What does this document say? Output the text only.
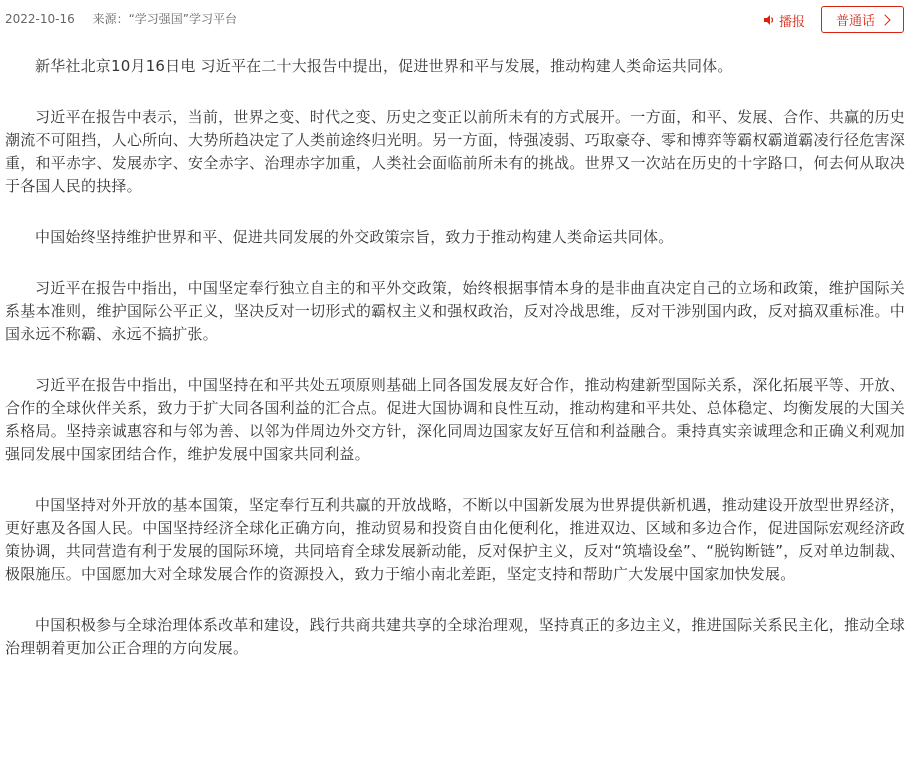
2022-10-16 来源：“学习强国”学习平台	播报 普通话

新华社北京10月16日电 习近平在二十大报告中提出，促进世界和平与发展，推动构建人类命运共同体。

习近平在报告中表示，当前，世界之变、时代之变、历史之变正以前所未有的方式展开。一方面，和平、发展、合作、共赢的历史潮流不可阻挡，人心所向、大势所趋决定了人类前途终归光明。另一方面，恃强凌弱、巧取豪夺、零和博弈等霸权霸道霸凌行径危害深重，和平赤字、发展赤字、安全赤字、治理赤字加重，人类社会面临前所未有的挑战。世界又一次站在历史的十字路口，何去何从取决于各国人民的抉择。

中国始终坚持维护世界和平、促进共同发展的外交政策宗旨，致力于推动构建人类命运共同体。

习近平在报告中指出，中国坚定奉行独立自主的和平外交政策，始终根据事情本身的是非曲直决定自己的立场和政策，维护国际关系基本准则，维护国际公平正义，坚决反对一切形式的霸权主义和强权政治，反对冷战思维，反对干涉别国内政，反对搞双重标准。中国永远不称霸、永远不搞扩张。

习近平在报告中指出，中国坚持在和平共处五项原则基础上同各国发展友好合作，推动构建新型国际关系，深化拓展平等、开放、合作的全球伙伴关系，致力于扩大同各国利益的汇合点。促进大国协调和良性互动，推动构建和平共处、总体稳定、均衡发展的大国关系格局。坚持亲诚惠容和与邻为善、以邻为伴周边外交方针，深化同周边国家友好互信和利益融合。秉持真实亲诚理念和正确义利观加强同发展中国家团结合作，维护发展中国家共同利益。

中国坚持对外开放的基本国策，坚定奉行互利共赢的开放战略，不断以中国新发展为世界提供新机遇，推动建设开放型世界经济，更好惠及各国人民。中国坚持经济全球化正确方向，推动贸易和投资自由化便利化，推进双边、区域和多边合作，促进国际宏观经济政策协调，共同营造有利于发展的国际环境，共同培育全球发展新动能，反对保护主义，反对“筑墙设垒”、“脱钩断链”，反对单边制裁、极限施压。中国愿加大对全球发展合作的资源投入，致力于缩小南北差距，坚定支持和帮助广大发展中国家加快发展。

中国积极参与全球治理体系改革和建设，践行共商共建共享的全球治理观，坚持真正的多边主义，推进国际关系民主化，推动全球治理朝着更加公正合理的方向发展。
